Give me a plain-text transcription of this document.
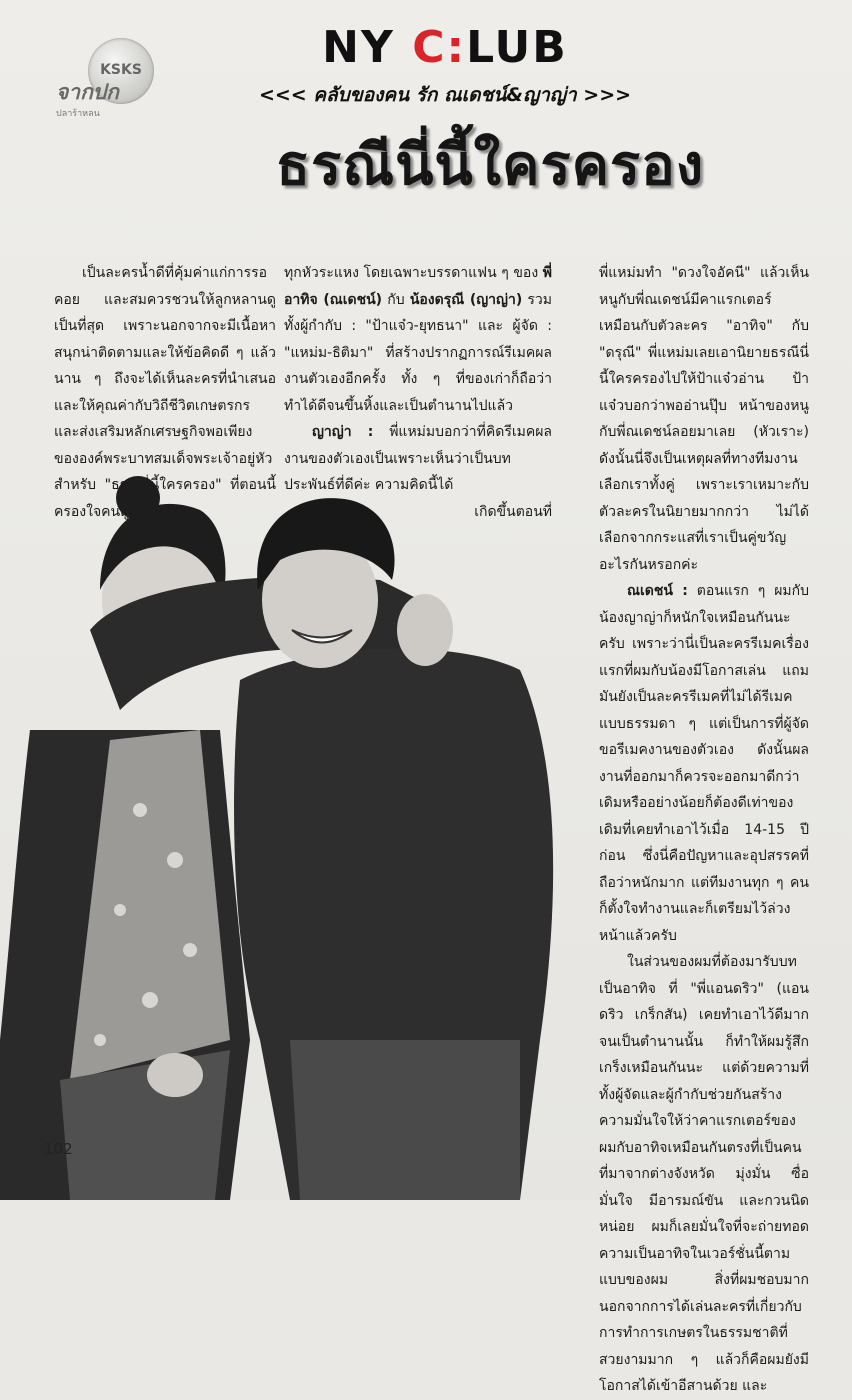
KSKS
จากปก
ปลาร้าหลน
NY C:LUB
<<< คลับของคน รัก ณเดชน์&ญาญ่า >>>
ธรณีนี่นี้ใครครอง

เป็นละครน้ำดีที่คุ้มค่าแก่การรอคอย และสมควรชวนให้ลูกหลานดูเป็นที่สุด เพราะนอกจากจะมีเนื้อหาสนุกน่าติดตามและให้ข้อคิดดี ๆ แล้ว นาน ๆ ถึงจะได้เห็นละครที่นำเสนอและให้คุณค่ากับวิถีชีวิตเกษตรกร และส่งเสริมหลักเศรษฐกิจพอเพียงขององค์พระบาทสมเด็จพระเจ้าอยู่หัว

ทุกหัวระแหง โดยเฉพาะบรรดาแฟน ๆ ของ พี่อาทิจ (ณเดชน์) กับ น้องดรุณี (ญาญ่า) รวมทั้งผู้กำกับ : "ป้าแจ๋ว-ยุทธนา" และ ผู้จัด : "แหม่ม-ธิติมา" ที่สร้างปรากฏการณ์รีเมคผลงานตัวเองอีกครั้ง ทั้ง ๆ ที่ของเก่าก็ถือว่าทำได้ดีจนขึ้นหิ้งและเป็นตำนานไปแล้ว

ญาญ่า : พี่แหม่มบอกว่าที่คิดรีเมคผลงานของตัวเองเป็นเพราะเห็นว่าเป็นบท

พี่แหม่มทำ "ดวงใจอัคนี" แล้วเห็นหนูกับพี่ณเดชน์มีคาแรกเตอร์เหมือนกับตัวละคร "อาทิจ" กับ "ดรุณี" พี่แหม่มเลยเอานิยายธรณีนี่นี้ใครครองไปให้ป้าแจ๋วอ่าน ป้าแจ๋วบอกว่าพออ่านปุ๊บ หน้าของหนูกับพี่ณเดชน์ลอยมาเลย (หัวเราะ) ดังนั้นนี่จึงเป็นเหตุผลที่ทางทีมงานเลือกเราทั้งคู่ เพราะเราเหมาะกับตัวละครในนิยายมากกว่า ไม่ได้เลือกจากกระแสที่เราเป็นคู่ขวัญอะไรกันหรอกค่ะ

ณเดชน์ : ตอนแรก ๆ ผมกับน้องญาญ่าก็หนักใจเหมือนกันนะครับ เพราะว่านี่เป็นละครรีเมคเรื่องแรกที่ผมกับน้องมีโอกาสเล่น แถมมันยังเป็นละครรีเมคที่ไม่ได้รีเมคแบบธรรมดา ๆ แต่เป็นการที่ผู้จัดขอรีเมคงานของตัวเอง ดังนั้นผลงานที่ออกมาก็ควรจะออกมาดีกว่าเดิมหรืออย่างน้อยก็ต้องดีเท่าของเดิมที่เคยทำเอาไว้เมื่อ 14-15 ปีก่อน ซึ่งนี่คือปัญหาและอุปสรรคที่ถือว่าหนักมาก แต่ทีมงานทุก ๆ คนก็ตั้งใจทำงานและก็เตรียมไว้ล่วงหน้าแล้วครับ

ในส่วนของผมที่ต้องมารับบทเป็นอาทิจ ที่ "พี่แอนดริว" (แอนดริว เกร็กสัน) เคยทำเอาไว้ดีมากจนเป็นตำนานนั้น ก็ทำให้ผมรู้สึกเกร็งเหมือนกันนะ แต่ด้วยความที่ทั้งผู้จัดและผู้กำกับช่วยกันสร้างความมั่นใจให้ว่าคาแรกเตอร์ของผมกับอาทิจเหมือนกันตรงที่เป็นคนที่มาจากต่างจังหวัด มุ่งมั่น ซื่อ มั่นใจ มีอารมณ์ขัน และกวนนิดหน่อย ผมก็เลยมั่นใจที่จะถ่ายทอดความเป็นอาทิจในเวอร์ชั่นนี้ตามแบบของผม สิ่งที่ผมชอบมากนอกจากการได้เล่นละครที่เกี่ยวกับการทำการเกษตรในธรรมชาติที่สวยงามมาก ๆ แล้วก็คือผมยังมีโอกาสได้เข้าอีสานด้วย และ

102
